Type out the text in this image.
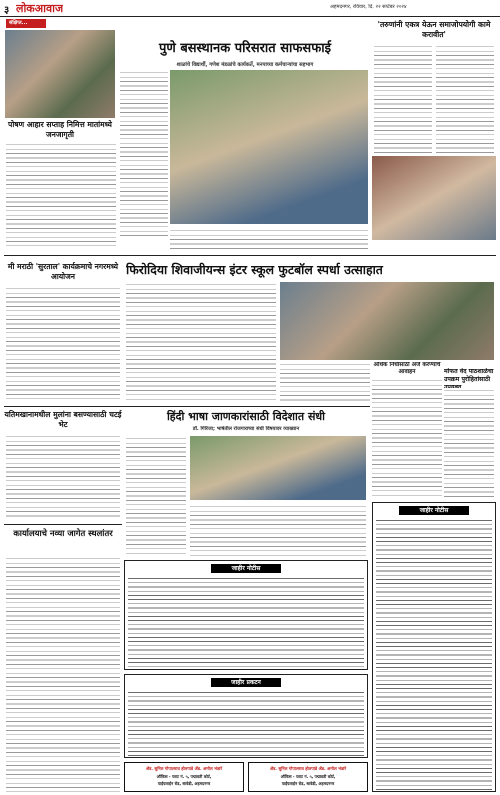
३ लोकआवाज	अहमदनगर, रविवार, दि. २२ सप्टेंबर २०२४
संक्षिप्त...
पोषण आहार सप्ताह निमित्त मातांमध्ये जनजागृती
पुणे बसस्थानक परिसरात साफसफाई
शाळांचे विद्यार्थी, गणेश मंडळांचे कार्यकर्ते, मनपाच्या कर्मचाऱ्यांचा सहभाग
'तरुणांनी एकत्र येऊन समाजोपयोगी कामे करावीत'
मी मराठी 'सुरताल' कार्यक्रमाचे नगरमध्ये आयोजन	फिरोदिया शिवाजीयन्स इंटर स्कूल फुटबॉल स्पर्धा उत्साहात
अधिक निधीसाठी अर्ज करण्याचे आवाहन	मोफत वेद पाठशाळेचा उपक्रम पुरोहितांसाठी
यतिमखानामधील मुलांना बसण्यासाठी चटई भेट
हिंदी भाषा जाणकारांसाठी विदेशात संधी
डॉ. गिरिजा; भाषेतील रोजगाराच्या संधी विषयावर व्याख्यान
कार्यालयाचे नव्या जागेत स्थलांतर
जाहीर नोटीस
जाहीर प्रकटन
जाहीर नोटीस
ॲड. सुनिल गोपालराव होलपाडे ॲड. अमोल भंडारे
ऑफिस - प्लाट नं. ५, पद्मावती कोर्ट,
पाईपलाईन रोड, सावेडी, अहमदनगर
ॲड. सुनिल गोपालराव होलपाडे ॲड. अमोल भंडारे
ऑफिस - प्लाट नं. ५, पद्मावती कोर्ट,
पाईपलाईन रोड, सावेडी, अहमदनगर
